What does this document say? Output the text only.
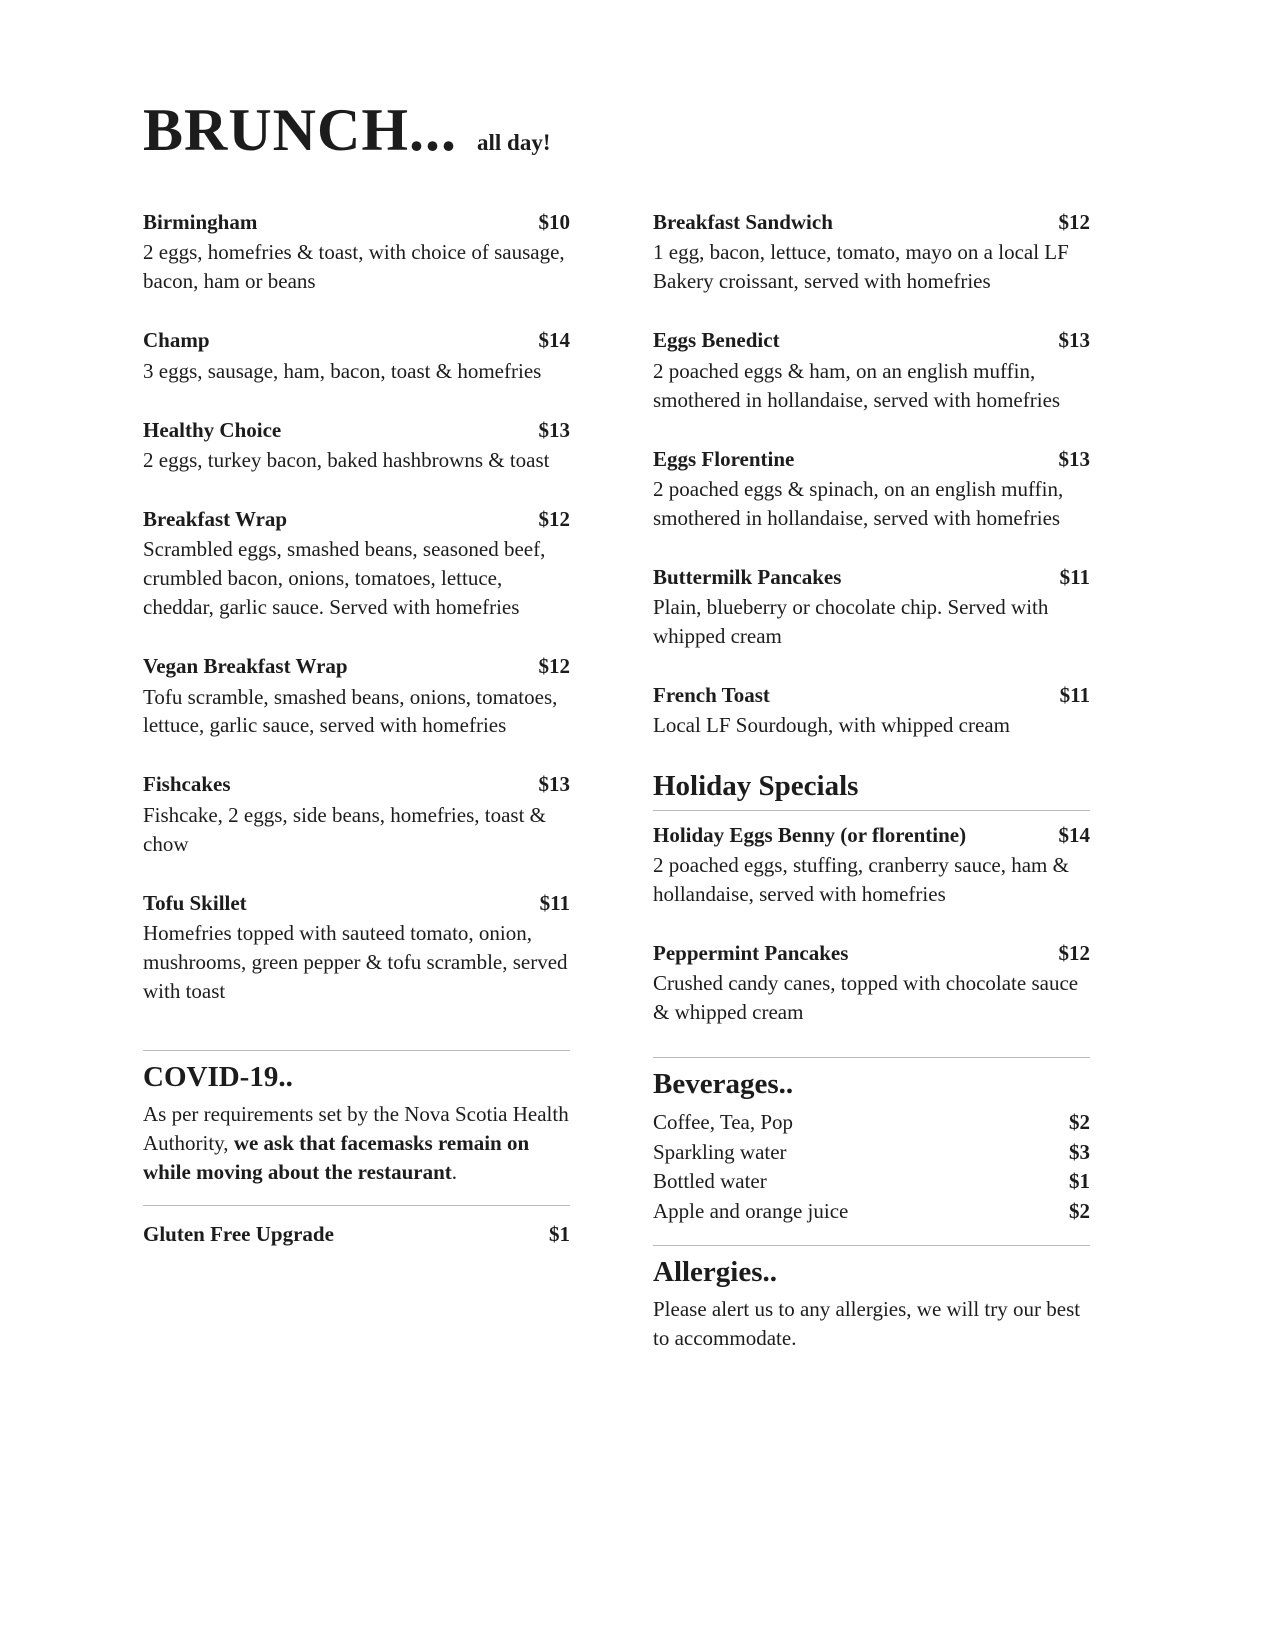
BRUNCH... all day!
Birmingham	$10
2 eggs, homefries & toast, with choice of sausage, bacon, ham or beans
Champ	$14
3 eggs, sausage, ham, bacon, toast & homefries
Healthy Choice	$13
2 eggs, turkey bacon, baked hashbrowns & toast
Breakfast Wrap	$12
Scrambled eggs, smashed beans, seasoned beef, crumbled bacon, onions, tomatoes, lettuce, cheddar, garlic sauce. Served with homefries
Vegan Breakfast Wrap	$12
Tofu scramble, smashed beans, onions, tomatoes, lettuce, garlic sauce, served with homefries
Fishcakes	$13
Fishcake, 2 eggs, side beans, homefries, toast & chow
Tofu Skillet	$11
Homefries topped with sauteed tomato, onion, mushrooms, green pepper & tofu scramble, served with toast
COVID-19..
As per requirements set by the Nova Scotia Health Authority, we ask that facemasks remain on while moving about the restaurant.
Gluten Free Upgrade	$1
Breakfast Sandwich	$12
1 egg, bacon, lettuce, tomato, mayo on a local LF Bakery croissant, served with homefries
Eggs Benedict	$13
2 poached eggs & ham, on an english muffin, smothered in hollandaise, served with homefries
Eggs Florentine	$13
2 poached eggs & spinach, on an english muffin, smothered in hollandaise, served with homefries
Buttermilk Pancakes	$11
Plain, blueberry or chocolate chip. Served with whipped cream
French Toast	$11
Local LF Sourdough, with whipped cream
Holiday Specials
Holiday Eggs Benny (or florentine)	$14
2 poached eggs, stuffing, cranberry sauce, ham & hollandaise, served with homefries
Peppermint Pancakes	$12
Crushed candy canes, topped with chocolate sauce & whipped cream
Beverages..
Coffee, Tea, Pop	$2
Sparkling water	$3
Bottled water	$1
Apple and orange juice	$2
Allergies..
Please alert us to any allergies, we will try our best to accommodate.
